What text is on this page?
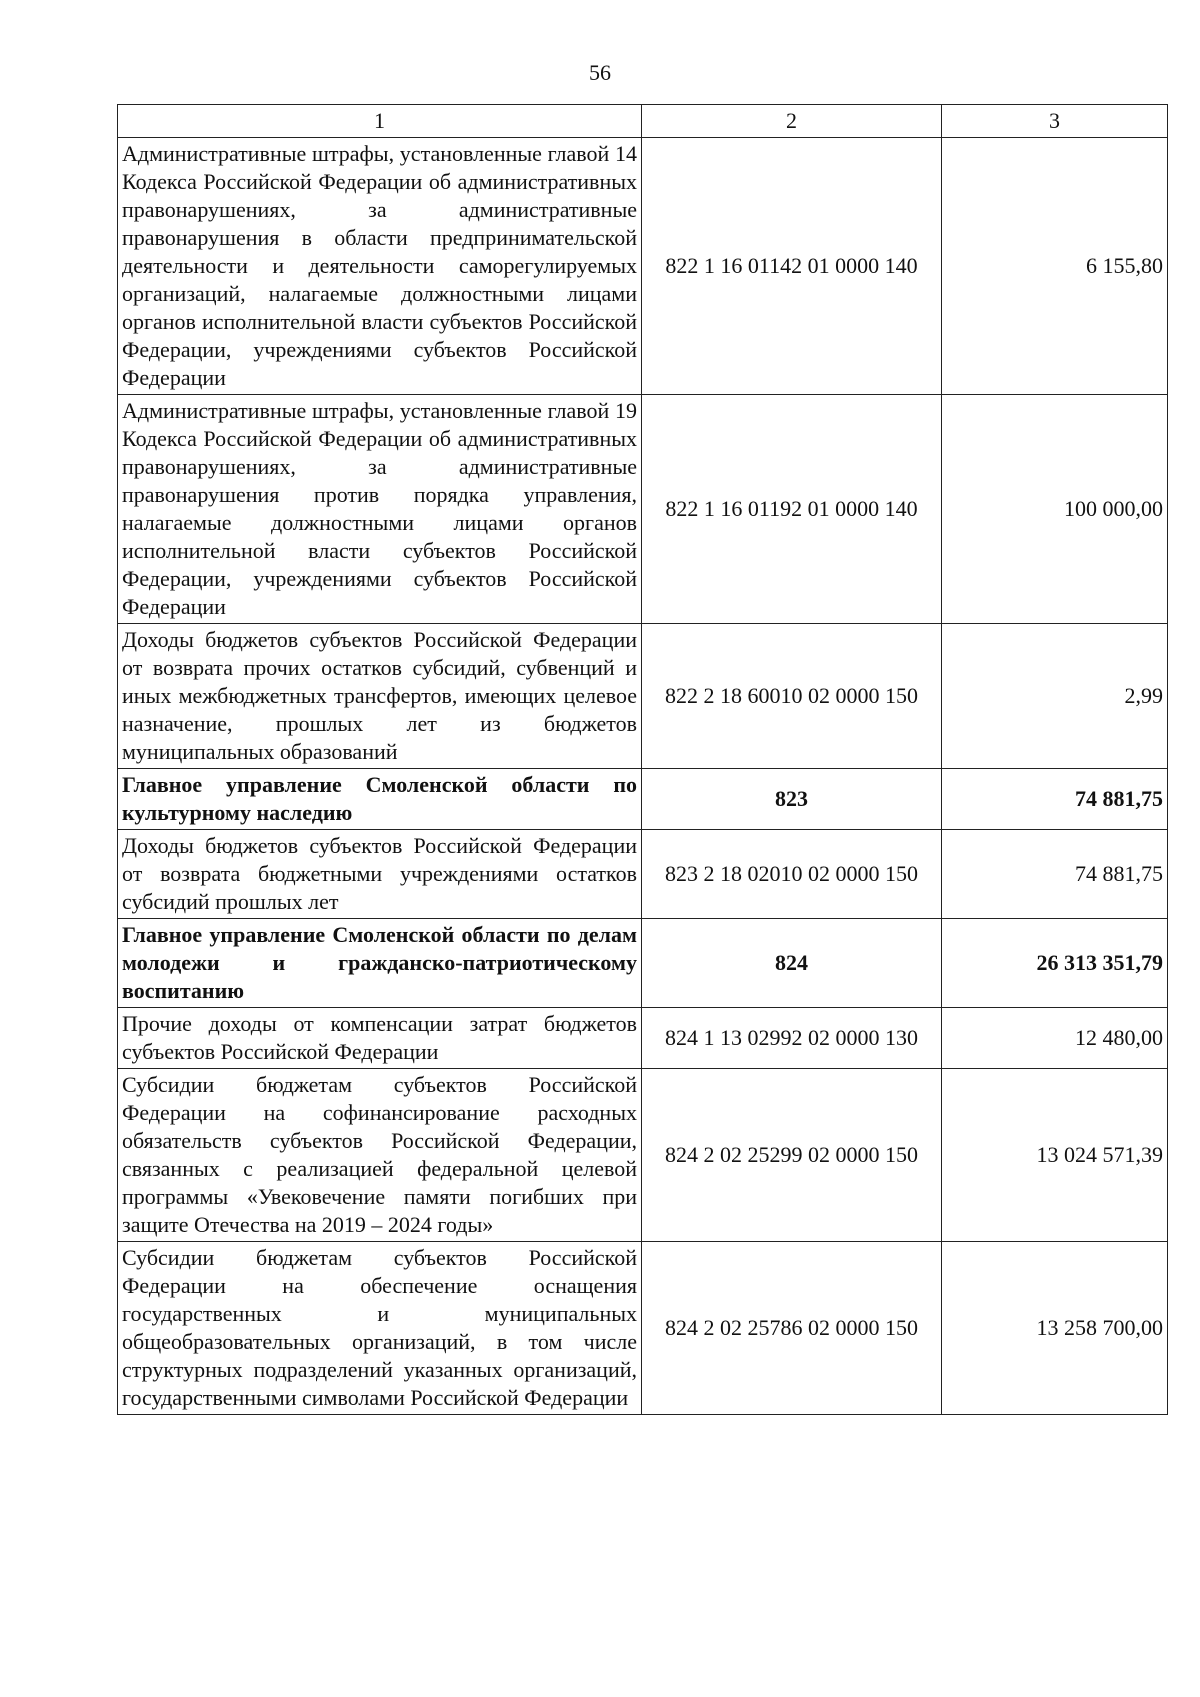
56
1	2	3
Административные штрафы, установленные главой 14 Кодекса Российской Федерации об административных правонарушениях, за административные правонарушения в области предпринимательской деятельности и деятельности саморегулируемых организаций, налагаемые должностными лицами органов исполнительной власти субъектов Российской Федерации, учреждениями субъектов Российской Федерации	822 1 16 01142 01 0000 140	6 155,80
Административные штрафы, установленные главой 19 Кодекса Российской Федерации об административных правонарушениях, за административные правонарушения против порядка управления, налагаемые должностными лицами органов исполнительной власти субъектов Российской Федерации, учреждениями субъектов Российской Федерации	822 1 16 01192 01 0000 140	100 000,00
Доходы бюджетов субъектов Российской Федерации от возврата прочих остатков субсидий, субвенций и иных межбюджетных трансфертов, имеющих целевое назначение, прошлых лет из бюджетов муниципальных образований	822 2 18 60010 02 0000 150	2,99
Главное управление Смоленской области по культурному наследию	823	74 881,75
Доходы бюджетов субъектов Российской Федерации от возврата бюджетными учреждениями остатков субсидий прошлых лет	823 2 18 02010 02 0000 150	74 881,75
Главное управление Смоленской области по делам молодежи и гражданско-патриотическому воспитанию	824	26 313 351,79
Прочие доходы от компенсации затрат бюджетов субъектов Российской Федерации	824 1 13 02992 02 0000 130	12 480,00
Субсидии бюджетам субъектов Российской Федерации на софинансирование расходных обязательств субъектов Российской Федерации, связанных с реализацией федеральной целевой программы «Увековечение памяти погибших при защите Отечества на 2019 – 2024 годы»	824 2 02 25299 02 0000 150	13 024 571,39
Субсидии бюджетам субъектов Российской Федерации на обеспечение оснащения государственных и муниципальных общеобразовательных организаций, в том числе структурных подразделений указанных организаций, государственными символами Российской Федерации	824 2 02 25786 02 0000 150	13 258 700,00
